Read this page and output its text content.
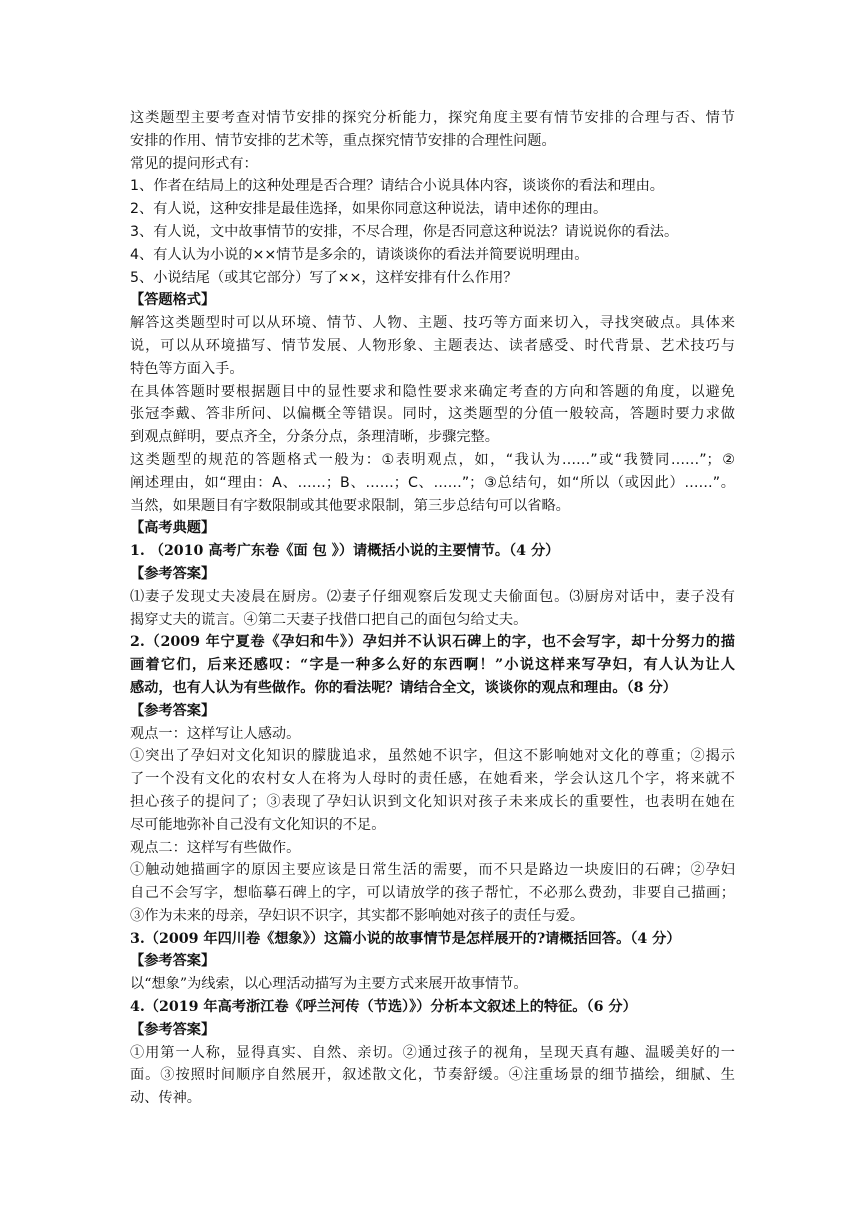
这类题型主要考查对情节安排的探究分析能力，探究角度主要有情节安排的合理与否、情节
安排的作用、情节安排的艺术等，重点探究情节安排的合理性问题。
常见的提问形式有：
1、作者在结局上的这种处理是否合理？请结合小说具体内容，谈谈你的看法和理由。
2、有人说，这种安排是最佳选择，如果你同意这种说法，请申述你的理由。
3、有人说，文中故事情节的安排，不尽合理，你是否同意这种说法？请说说你的看法。
4、有人认为小说的××情节是多余的，请谈谈你的看法并简要说明理由。
5、小说结尾（或其它部分）写了××，这样安排有什么作用？
【答题格式】
解答这类题型时可以从环境、情节、人物、主题、技巧等方面来切入，寻找突破点。具体来
说，可以从环境描写、情节发展、人物形象、主题表达、读者感受、时代背景、艺术技巧与
特色等方面入手。
在具体答题时要根据题目中的显性要求和隐性要求来确定考查的方向和答题的角度，以避免
张冠李戴、答非所问、以偏概全等错误。同时，这类题型的分值一般较高，答题时要力求做
到观点鲜明，要点齐全，分条分点，条理清晰，步骤完整。
这类题型的规范的答题格式一般为：①表明观点，如，“我认为……”或“我赞同……”；②
阐述理由，如“理由：A、……；B、……；C、……”；③总结句，如“所以（或因此）……”。
当然，如果题目有字数限制或其他要求限制，第三步总结句可以省略。
【高考典题】
1. （2010 高考广东卷《面 包 》）请概括小说的主要情节。（4 分）
【参考答案】
⑴妻子发现丈夫凌晨在厨房。⑵妻子仔细观察后发现丈夫偷面包。⑶厨房对话中，妻子没有
揭穿丈夫的谎言。④第二天妻子找借口把自己的面包匀给丈夫。
2.（2009 年宁夏卷《孕妇和牛》）孕妇并不认识石碑上的字，也不会写字，却十分努力的描
画着它们，后来还感叹：“字是一种多么好的东西啊！”小说这样来写孕妇，有人认为让人
感动，也有人认为有些做作。你的看法呢？请结合全文，谈谈你的观点和理由。（8 分）
【参考答案】
观点一：这样写让人感动。
①突出了孕妇对文化知识的朦胧追求，虽然她不识字，但这不影响她对文化的尊重；②揭示
了一个没有文化的农村女人在将为人母时的责任感，在她看来，学会认这几个字，将来就不
担心孩子的提问了；③表现了孕妇认识到文化知识对孩子未来成长的重要性，也表明在她在
尽可能地弥补自己没有文化知识的不足。
观点二：这样写有些做作。
①触动她描画字的原因主要应该是日常生活的需要，而不只是路边一块废旧的石碑；②孕妇
自己不会写字，想临摹石碑上的字，可以请放学的孩子帮忙，不必那么费劲，非要自己描画；
③作为未来的母亲，孕妇识不识字，其实都不影响她对孩子的责任与爱。
3.（2009 年四川卷《想象》）这篇小说的故事情节是怎样展开的?请概括回答。（4 分）
【参考答案】
以“想象”为线索，以心理活动描写为主要方式来展开故事情节。
4.（2019 年高考浙江卷《呼兰河传（节选）》）分析本文叙述上的特征。（6 分）
【参考答案】
①用第一人称，显得真实、自然、亲切。②通过孩子的视角，呈现天真有趣、温暖美好的一
面。③按照时间顺序自然展开，叙述散文化，节奏舒缓。④注重场景的细节描绘，细腻、生
动、传神。
